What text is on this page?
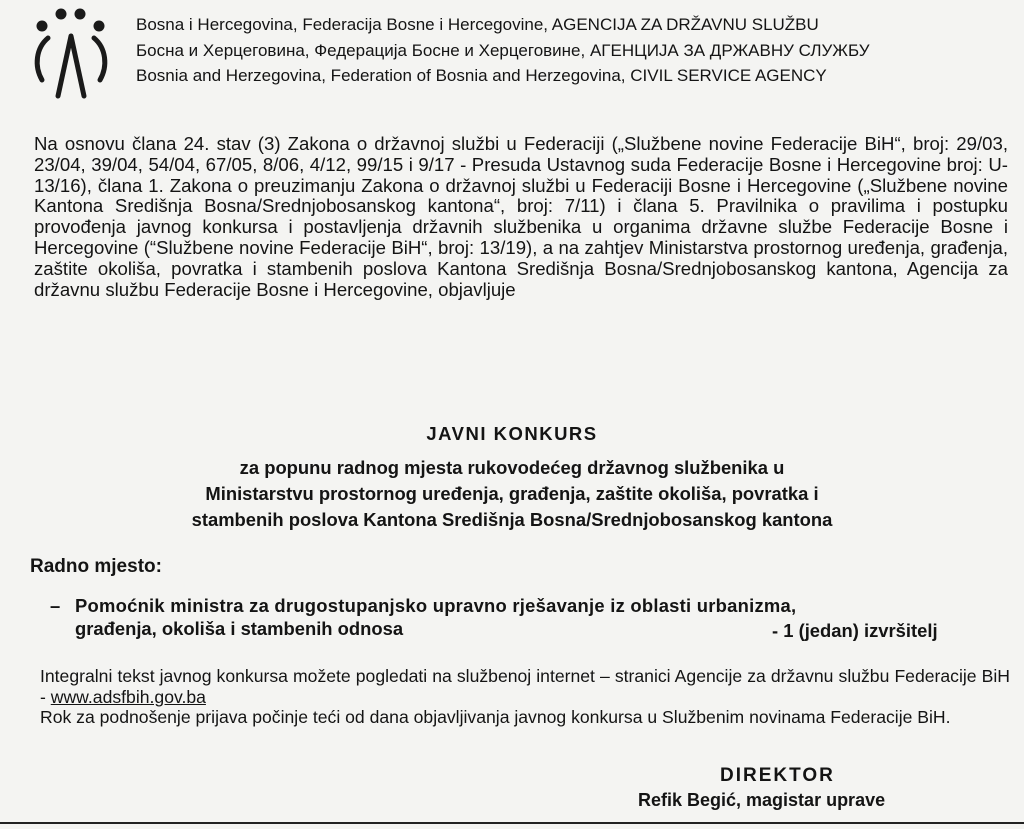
Bosna i Hercegovina, Federacija Bosne i Hercegovine, AGENCIJA ZA DRŽAVNU SLUŽBU
Босна и Херцеговина, Федерација Босне и Херцеговине, АГЕНЦИЈА ЗА ДРЖАВНУ СЛУЖБУ
Bosnia and Herzegovina, Federation of Bosnia and Herzegovina, CIVIL SERVICE AGENCY
Na osnovu člana 24. stav (3) Zakona o državnoj službi u Federaciji („Službene novine Federacije BiH“, broj: 29/03, 23/04, 39/04, 54/04, 67/05, 8/06, 4/12, 99/15 i 9/17 - Presuda Ustavnog suda Federacije Bosne i Hercegovine broj: U-13/16), člana 1. Zakona o preuzimanju Zakona o državnoj službi u Federaciji Bosne i Hercegovine („Službene novine Kantona Središnja Bosna/Srednjobosanskog kantona“, broj: 7/11) i člana 5. Pravilnika o pravilima i postupku provođenja javnog konkursa i postavljenja državnih službenika u organima državne službe Federacije Bosne i Hercegovine (“Službene novine Federacije BiH“, broj: 13/19), a na zahtjev Ministarstva prostornog uređenja, građenja, zaštite okoliša, povratka i stambenih poslova Kantona Središnja Bosna/Srednjobosanskog kantona, Agencija za državnu službu Federacije Bosne i Hercegovine, objavljuje
JAVNI KONKURS
za popunu radnog mjesta rukovodećeg državnog službenika u
Ministarstvu prostornog uređenja, građenja, zaštite okoliša, povratka i
stambenih poslova Kantona Središnja Bosna/Srednjobosanskog kantona
Radno mjesto:
– Pomoćnik ministra za drugostupanjsko upravno rješavanje iz oblasti urbanizma,
građenja, okoliša i stambenih odnosa	- 1 (jedan) izvršitelj
Integralni tekst javnog konkursa možete pogledati na službenoj internet – stranici Agencije za državnu službu Federacije BiH - www.adsfbih.gov.ba
Rok za podnošenje prijava počinje teći od dana objavljivanja javnog konkursa u Službenim novinama Federacije BiH.
DIREKTOR
Refik Begić, magistar uprave
